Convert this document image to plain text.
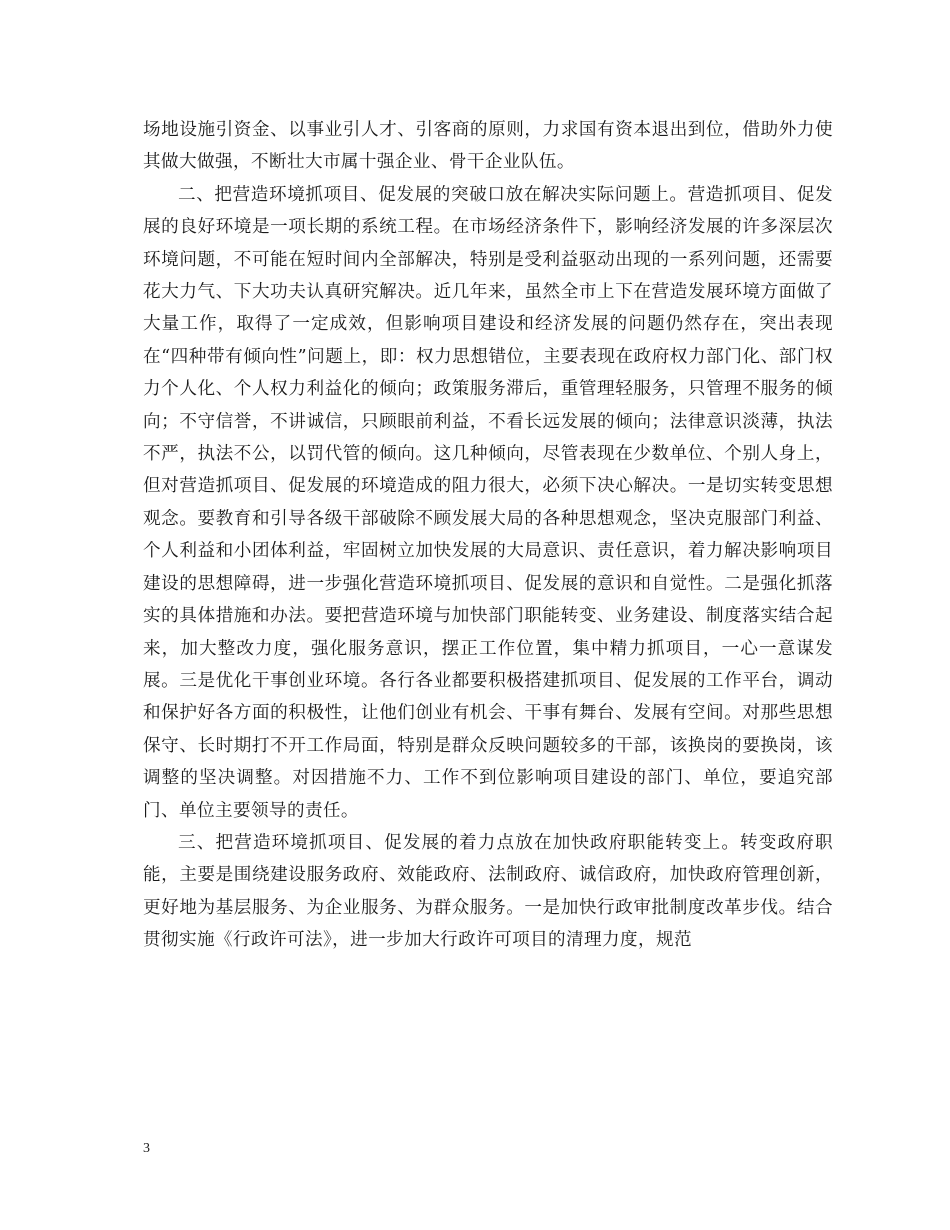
场地设施引资金、以事业引人才、引客商的原则，力求国有资本退出到位，借助外力使其做大做强，不断壮大市属十强企业、骨干企业队伍。

二、把营造环境抓项目、促发展的突破口放在解决实际问题上。营造抓项目、促发展的良好环境是一项长期的系统工程。在市场经济条件下，影响经济发展的许多深层次环境问题，不可能在短时间内全部解决，特别是受利益驱动出现的一系列问题，还需要花大力气、下大功夫认真研究解决。近几年来，虽然全市上下在营造发展环境方面做了大量工作，取得了一定成效，但影响项目建设和经济发展的问题仍然存在，突出表现在“四种带有倾向性”问题上，即：权力思想错位，主要表现在政府权力部门化、部门权力个人化、个人权力利益化的倾向；政策服务滞后，重管理轻服务，只管理不服务的倾向；不守信誉，不讲诚信，只顾眼前利益，不看长远发展的倾向；法律意识淡薄，执法不严，执法不公，以罚代管的倾向。这几种倾向，尽管表现在少数单位、个别人身上，但对营造抓项目、促发展的环境造成的阻力很大，必须下决心解决。一是切实转变思想观念。要教育和引导各级干部破除不顾发展大局的各种思想观念，坚决克服部门利益、个人利益和小团体利益，牢固树立加快发展的大局意识、责任意识，着力解决影响项目建设的思想障碍，进一步强化营造环境抓项目、促发展的意识和自觉性。二是强化抓落实的具体措施和办法。要把营造环境与加快部门职能转变、业务建设、制度落实结合起来，加大整改力度，强化服务意识，摆正工作位置，集中精力抓项目，一心一意谋发展。三是优化干事创业环境。各行各业都要积极搭建抓项目、促发展的工作平台，调动和保护好各方面的积极性，让他们创业有机会、干事有舞台、发展有空间。对那些思想保守、长时期打不开工作局面，特别是群众反映问题较多的干部，该换岗的要换岗，该调整的坚决调整。对因措施不力、工作不到位影响项目建设的部门、单位，要追究部门、单位主要领导的责任。

三、把营造环境抓项目、促发展的着力点放在加快政府职能转变上。转变政府职能，主要是围绕建设服务政府、效能政府、法制政府、诚信政府，加快政府管理创新，更好地为基层服务、为企业服务、为群众服务。一是加快行政审批制度改革步伐。结合贯彻实施《行政许可法》，进一步加大行政许可项目的清理力度，规范

3
